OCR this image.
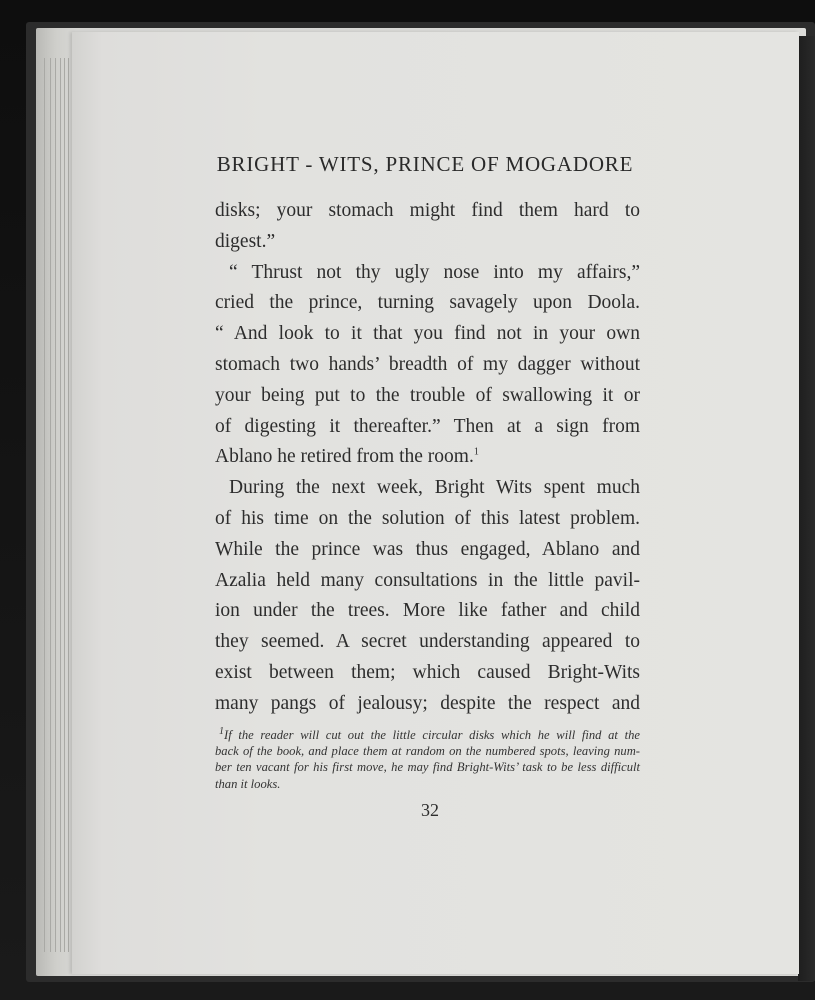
BRIGHT - WITS, PRINCE OF MOGADORE
disks; your stomach might find them hard to
digest.”
“ Thrust not thy ugly nose into my affairs,”
cried the prince, turning savagely upon Doola.
“ And look to it that you find not in your own
stomach two hands’ breadth of my dagger without
your being put to the trouble of swallowing it or
of digesting it thereafter.” Then at a sign from
Ablano he retired from the room.$^1$
During the next week, Bright Wits spent much
of his time on the solution of this latest problem.
While the prince was thus engaged, Ablano and
Azalia held many consultations in the little pavil-
ion under the trees. More like father and child
they seemed. A secret understanding appeared to
exist between them; which caused Bright-Wits
many pangs of jealousy; despite the respect and
$^1$If the reader will cut out the little circular disks which he will find at the
back of the book, and place them at random on the numbered spots, leaving num-
ber ten vacant for his first move, he may find Bright-Wits’ task to be less difficult
than it looks.
32
